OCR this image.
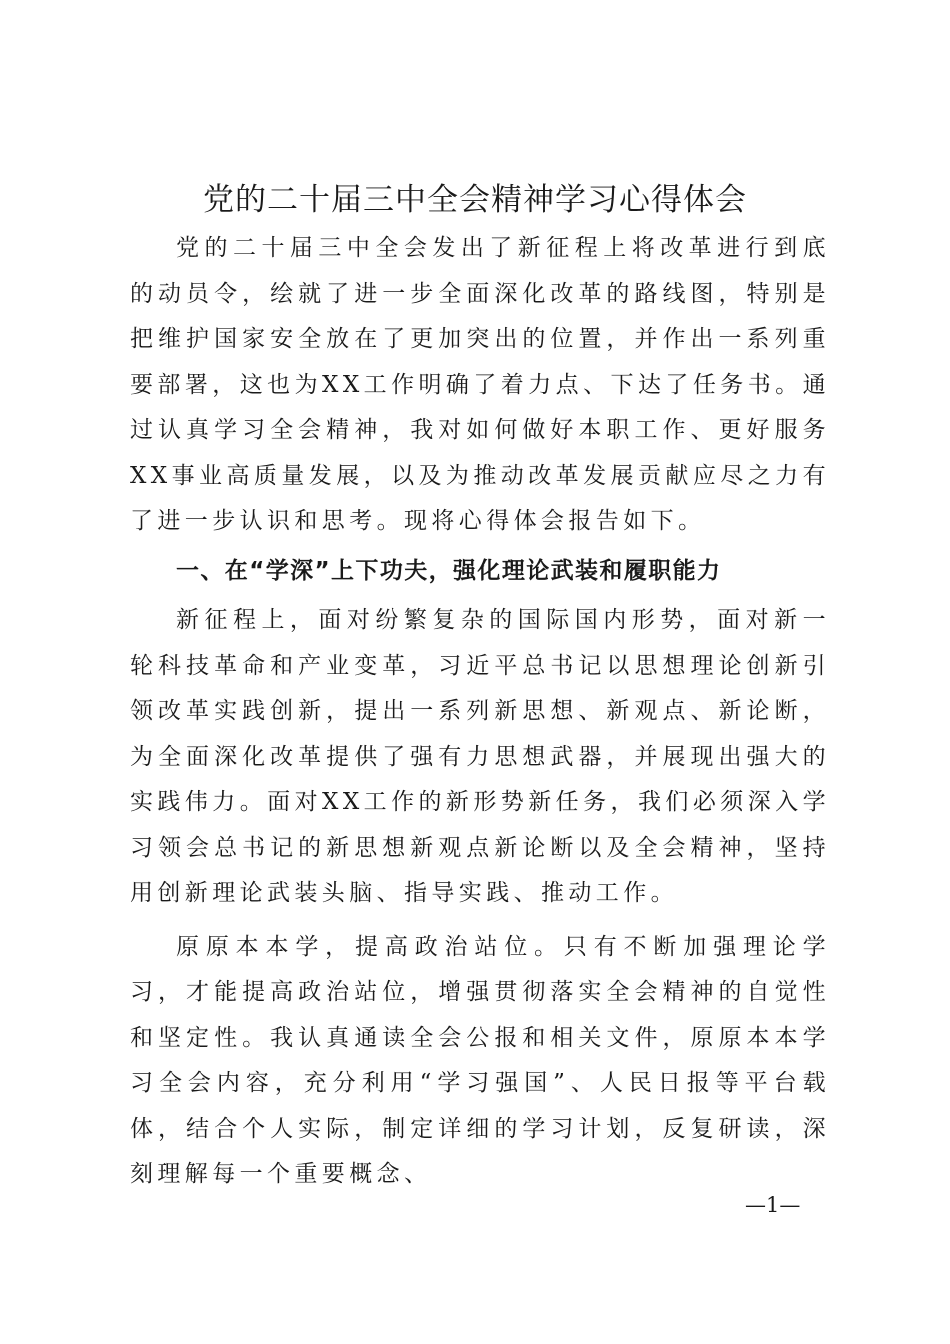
党的二十届三中全会精神学习心得体会

党的二十届三中全会发出了新征程上将改革进行到底的动员令，绘就了进一步全面深化改革的路线图，特别是把维护国家安全放在了更加突出的位置，并作出一系列重要部署，这也为XX工作明确了着力点、下达了任务书。通过认真学习全会精神，我对如何做好本职工作、更好服务XX事业高质量发展，以及为推动改革发展贡献应尽之力有了进一步认识和思考。现将心得体会报告如下。

一、在“学深”上下功夫，强化理论武装和履职能力

新征程上，面对纷繁复杂的国际国内形势，面对新一轮科技革命和产业变革，习近平总书记以思想理论创新引领改革实践创新，提出一系列新思想、新观点、新论断，为全面深化改革提供了强有力思想武器，并展现出强大的实践伟力。面对XX工作的新形势新任务，我们必须深入学习领会总书记的新思想新观点新论断以及全会精神，坚持用创新理论武装头脑、指导实践、推动工作。

原原本本学，提高政治站位。只有不断加强理论学习，才能提高政治站位，增强贯彻落实全会精神的自觉性和坚定性。我认真通读全会公报和相关文件，原原本本学习全会内容，充分利用“学习强国”、人民日报等平台载体，结合个人实际，制定详细的学习计划，反复研读，深刻理解每一个重要概念、

—1—
